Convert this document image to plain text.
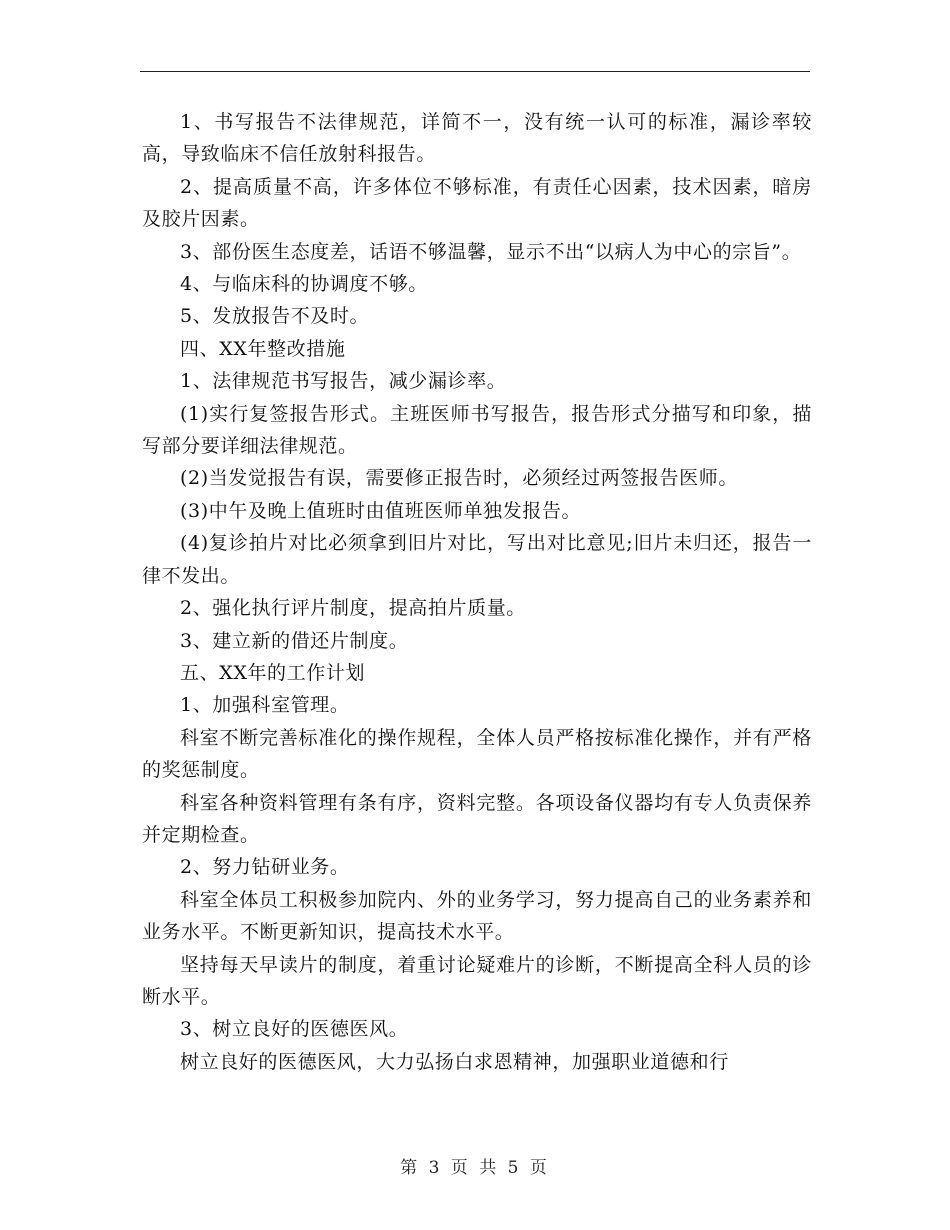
1、书写报告不法律规范，详简不一，没有统一认可的标准，漏诊率较高，导致临床不信任放射科报告。

2、提高质量不高，许多体位不够标准，有责任心因素，技术因素，暗房及胶片因素。

3、部份医生态度差，话语不够温馨，显示不出“以病人为中心的宗旨”。

4、与临床科的协调度不够。

5、发放报告不及时。

四、XX年整改措施

1、法律规范书写报告，减少漏诊率。

(1)实行复签报告形式。主班医师书写报告，报告形式分描写和印象，描写部分要详细法律规范。

(2)当发觉报告有误，需要修正报告时，必须经过两签报告医师。

(3)中午及晚上值班时由值班医师单独发报告。

(4)复诊拍片对比必须拿到旧片对比，写出对比意见;旧片未归还，报告一律不发出。

2、强化执行评片制度，提高拍片质量。

3、建立新的借还片制度。

五、XX年的工作计划

1、加强科室管理。

科室不断完善标准化的操作规程，全体人员严格按标准化操作，并有严格的奖惩制度。

科室各种资料管理有条有序，资料完整。各项设备仪器均有专人负责保养并定期检查。

2、努力钻研业务。

科室全体员工积极参加院内、外的业务学习，努力提高自己的业务素养和业务水平。不断更新知识，提高技术水平。

坚持每天早读片的制度，着重讨论疑难片的诊断，不断提高全科人员的诊断水平。

3、树立良好的医德医风。

树立良好的医德医风，大力弘扬白求恩精神，加强职业道德和行

第 3 页 共 5 页
